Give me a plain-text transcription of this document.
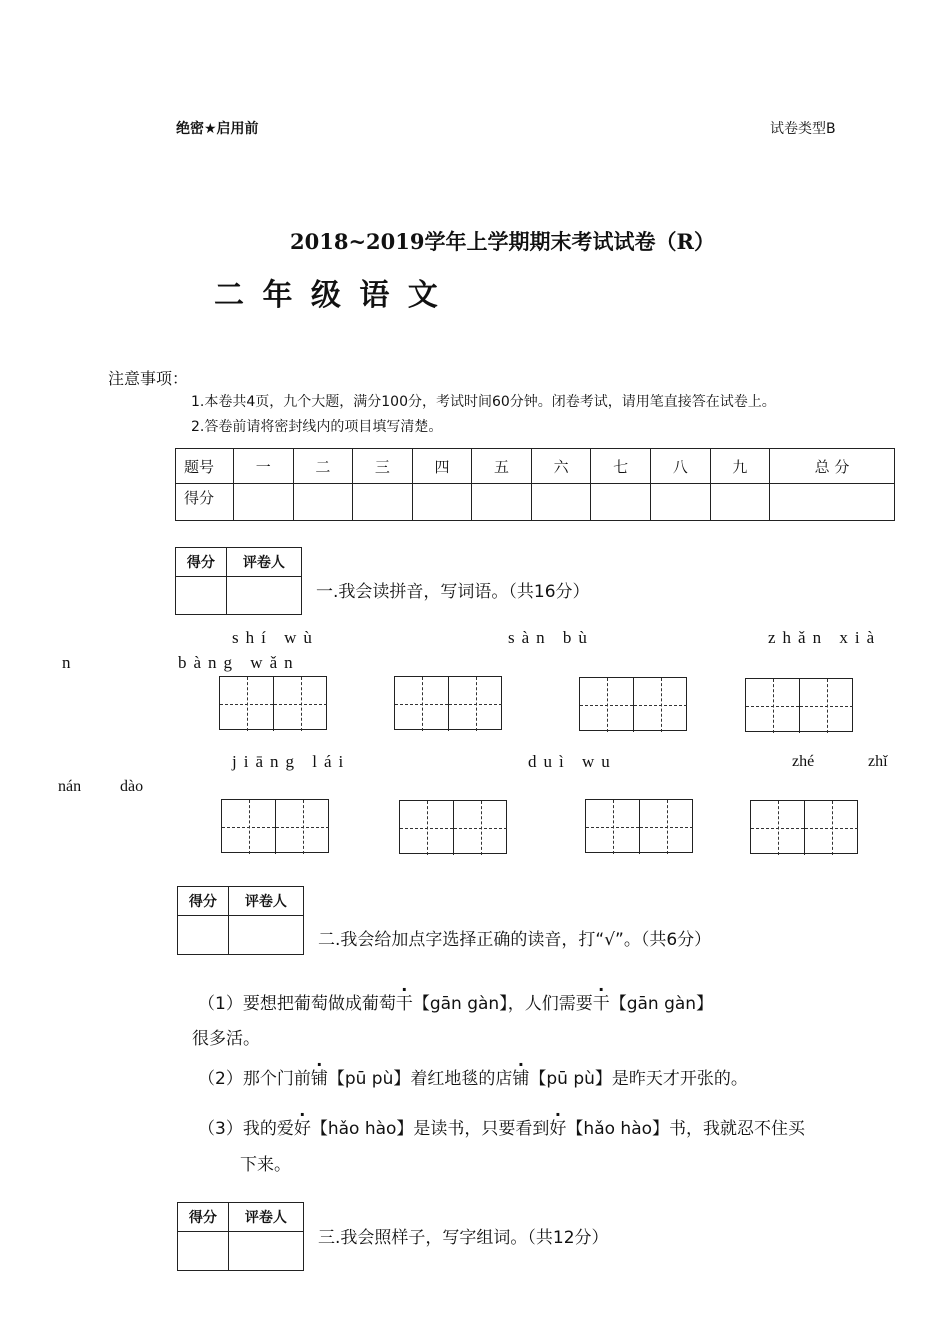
绝密★启用前	试卷类型B
2018~2019学年上学期期末考试试卷（R）
二 年 级 语 文
注意事项：
1.本卷共4页，九个大题，满分100分，考试时间60分钟。闭卷考试，请用笔直接答在试卷上。
2.答卷前请将密封线内的项目填写清楚。
题号	一	二	三	四	五	六	七	八	九	总 分
得分										
得分	评卷人

一.我会读拼音，写词语。（共16分）
shí wù	sàn bù	zhǎn xià
n	bàng wǎn
jiāng lái	duì wu	zhé	zhǐ
nán dào
得分	评卷人

二.我会给加点字选择正确的读音，打“√”。（共6分）
（1）要想把葡萄做成葡萄干【gān gàn】，人们需要干【gān gàn】
很多活。
（2）那个门前铺【pū pù】着红地毯的店铺【pū pù】是昨天才开张的。
（3）我的爱好【hǎo hào】是读书，只要看到好【hǎo hào】书，我就忍不住买
下来。
得分	评卷人

三.我会照样子，写字组词。（共12分）
